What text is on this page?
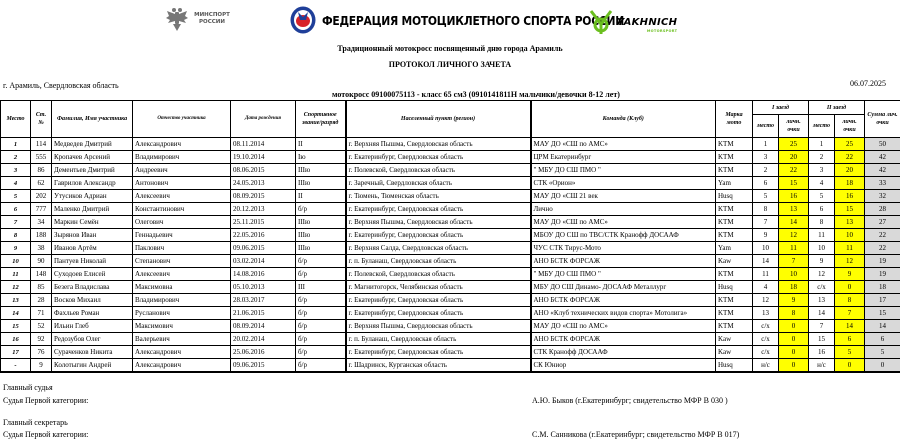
МИНСПОРТ РОССИИ	ФЕДЕРАЦИЯ МОТОЦИКЛЕТНОГО СПОРТА РОССИИ
YAKHNICH
MOTORSPORT
Традиционный мотокросс посвященный дню города Арамиль
ПРОТОКОЛ ЛИЧНОГО ЗАЧЕТА
г. Арамиль, Свердловская область	06.07.2025
мотокросс 09100075113 - класс 65 см3 (0910141811Н мальчики/девочки 8-12 лет)
Место	Ст. №	Фамилия, Имя участника	Отчество участника	Дата рождения	Спортивное звание/разряд	Населенный пункт (регион)	Команда (Клуб)	Марка мото	I заезд		II заезд		Сумма лич. очки
									место	личн. очки	место	личн. очки	
1	114	Медведев Дмитрий	Александрович	08.11.2014	II	г. Верхняя Пышма, Свердловская область	МАУ ДО «СШ по АМС»	KTM	1	25	1	25	50
2	555	Кропачев Арсений	Владимирович	19.10.2014	Iю	г. Екатеринбург, Свердловская область	ЦРМ Екатеринбург	KTM	3	20	2	22	42
3	86	Дементьев Дмитрий	Андреевич	08.06.2015	IIIю	г. Полевской, Свердловская область	" МБУ ДО СШ ПМО "	KTM	2	22	3	20	42
4	62	Гаврилов Александр	Антонович	24.05.2013	IIIю	г. Заречный, Свердловская область	СТК «Орион»	Yam	6	15	4	18	33
5	202	Утусиков Адриан	Алексеевич	08.09.2015	II	г. Тюмень, Тюменская область	МАУ ДО «СШ 21 век	Husq	5	16	5	16	32
6	777	Маленко Дмитрий	Константинович	20.12.2013	б/р	г. Екатеринбург, Свердловская область	Лично	KTM	8	13	6	15	28
7	34	Маркин Семён	Олегович	25.11.2015	IIIю	г. Верхняя Пышма, Свердловская область	МАУ ДО «СШ по АМС»	KTM	7	14	8	13	27
8	188	Зырянов Иван	Геннадьевич	22.05.2016	IIIю	г. Екатеринбург, Свердловская область	МБОУ ДО СШ по ТВС/СТК Кранофф ДОСААФ	KTM	9	12	11	10	22
9	38	Иванов Артём	Паклович	09.06.2015	IIIю	г. Верхняя Салда, Свердловская область	ЧУС СТК Тирус-Мото	Yam	10	11	10	11	22
10	90	Пантуев Николай	Степанович	03.02.2014	б/р	г. п. Буланаш, Свердловская область	АНО БСТК ФОРСАЖ	Kaw	14	7	9	12	19
11	148	Суходоев Елисей	Алексеевич	14.08.2016	б/р	г. Полевской, Свердловская область	" МБУ ДО СШ ПМО "	KTM	11	10	12	9	19
12	85	Безега Владислава	Максимовна	05.10.2013	III	г. Магнитогорск, Челябинская область	МБУ ДО СШ Динамо- ДОСААФ Металлург	Husq	4	18	с/х	0	18
13	28	Восков Михаил	Владимирович	28.03.2017	б/р	г. Екатеринбург, Свердловская область	АНО БСТК ФОРСАЖ	KTM	12	9	13	8	17
14	71	Фахльев Роман	Русланович	21.06.2015	б/р	г. Екатеринбург, Свердловская область	АНО «Клуб технических видов спорта» Мотолига»	KTM	13	8	14	7	15
15	52	Ильин Глеб	Максимович	08.09.2014	б/р	г. Верхняя Пышма, Свердловская область	МАУ ДО «СШ по АМС»	KTM	с/х	0	7	14	14
16	92	Редозубов Олег	Валерьевич	20.02.2014	б/р	г. п. Буланаш, Свердловская область	АНО БСТК ФОРСАЖ	Kaw	с/х	0	15	6	6
17	76	Сураченков Никита	Александрович	25.06.2016	б/р	г. Екатеринбург, Свердловская область	СТК Кранофф ДОСААФ	Kaw	с/х	0	16	5	5
-	9	Колотыгин Андрей	Александрович	09.06.2015	б/р	г. Шадринск, Курганская область	СК Юниор	Husq	н/с	0	н/с	0	0
Главный судья
Судья Первой категории:	А.Ю. Быков (г.Екатеринбург; свидетельство МФР В 030 )
Главный секретарь
Судья Первой категории:	С.М. Санникова (г.Екатеринбург; свидетельство МФР В 017)
